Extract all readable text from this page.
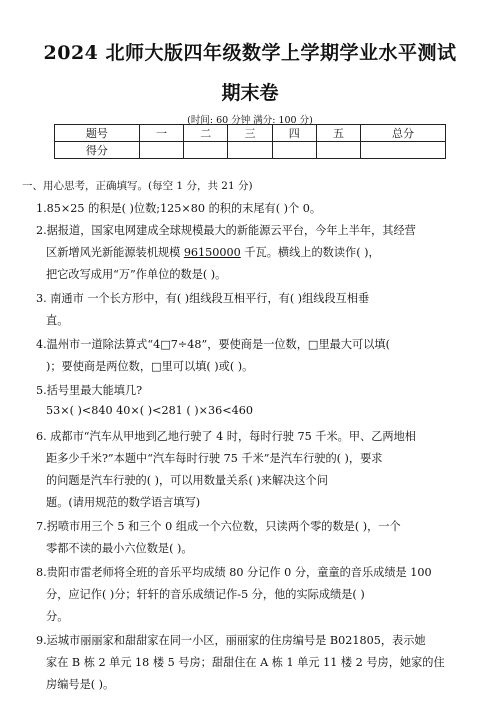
2024 北师大版四年级数学上学期学业水平测试
期末卷
(时间: 60 分钟 满分: 100 分)
题号	一	二	三	四	五	总分
得分						
一、用心思考，正确填写。(每空 1 分，共 21 分)
1.85×25 的积是( )位数;125×80 的积的末尾有( )个 0。
2.据报道，国家电网建成全球规模最大的新能源云平台，今年上半年，其经营
区新增风光新能源装机规模 96150000 千瓦。横线上的数读作( )，
把它改写成用“万”作单位的数是( )。
3. 南通市 一个长方形中，有( )组线段互相平行，有( )组线段互相垂
直。
4.温州市一道除法算式“4□7÷48”，要使商是一位数，□里最大可以填(
)；要使商是两位数，□里可以填( )或( )。
5.括号里最大能填几?
53×( )<840 40×( )<281 ( )×36<460
6. 成都市“汽车从甲地到乙地行驶了 4 时，每时行驶 75 千米。甲、乙两地相
距多少千米?”本题中“汽车每时行驶 75 千米”是汽车行驶的( )，要求
的问题是汽车行驶的( )，可以用数量关系( )来解决这个问
题。(请用规范的数学语言填写)
7.拐喷市用三个 5 和三个 0 组成一个六位数，只读两个零的数是( )，一个
零都不读的最小六位数是( )。
8.贵阳市雷老师将全班的音乐平均成绩 80 分记作 0 分，童童的音乐成绩是 100
分，应记作( )分；轩轩的音乐成绩记作-5 分，他的实际成绩是( )
分。
9.运城市丽丽家和甜甜家在同一小区，丽丽家的住房编号是 B021805，表示她
家在 B 栋 2 单元 18 楼 5 号房；甜甜住在 A 栋 1 单元 11 楼 2 号房，她家的住
房编号是( )。
